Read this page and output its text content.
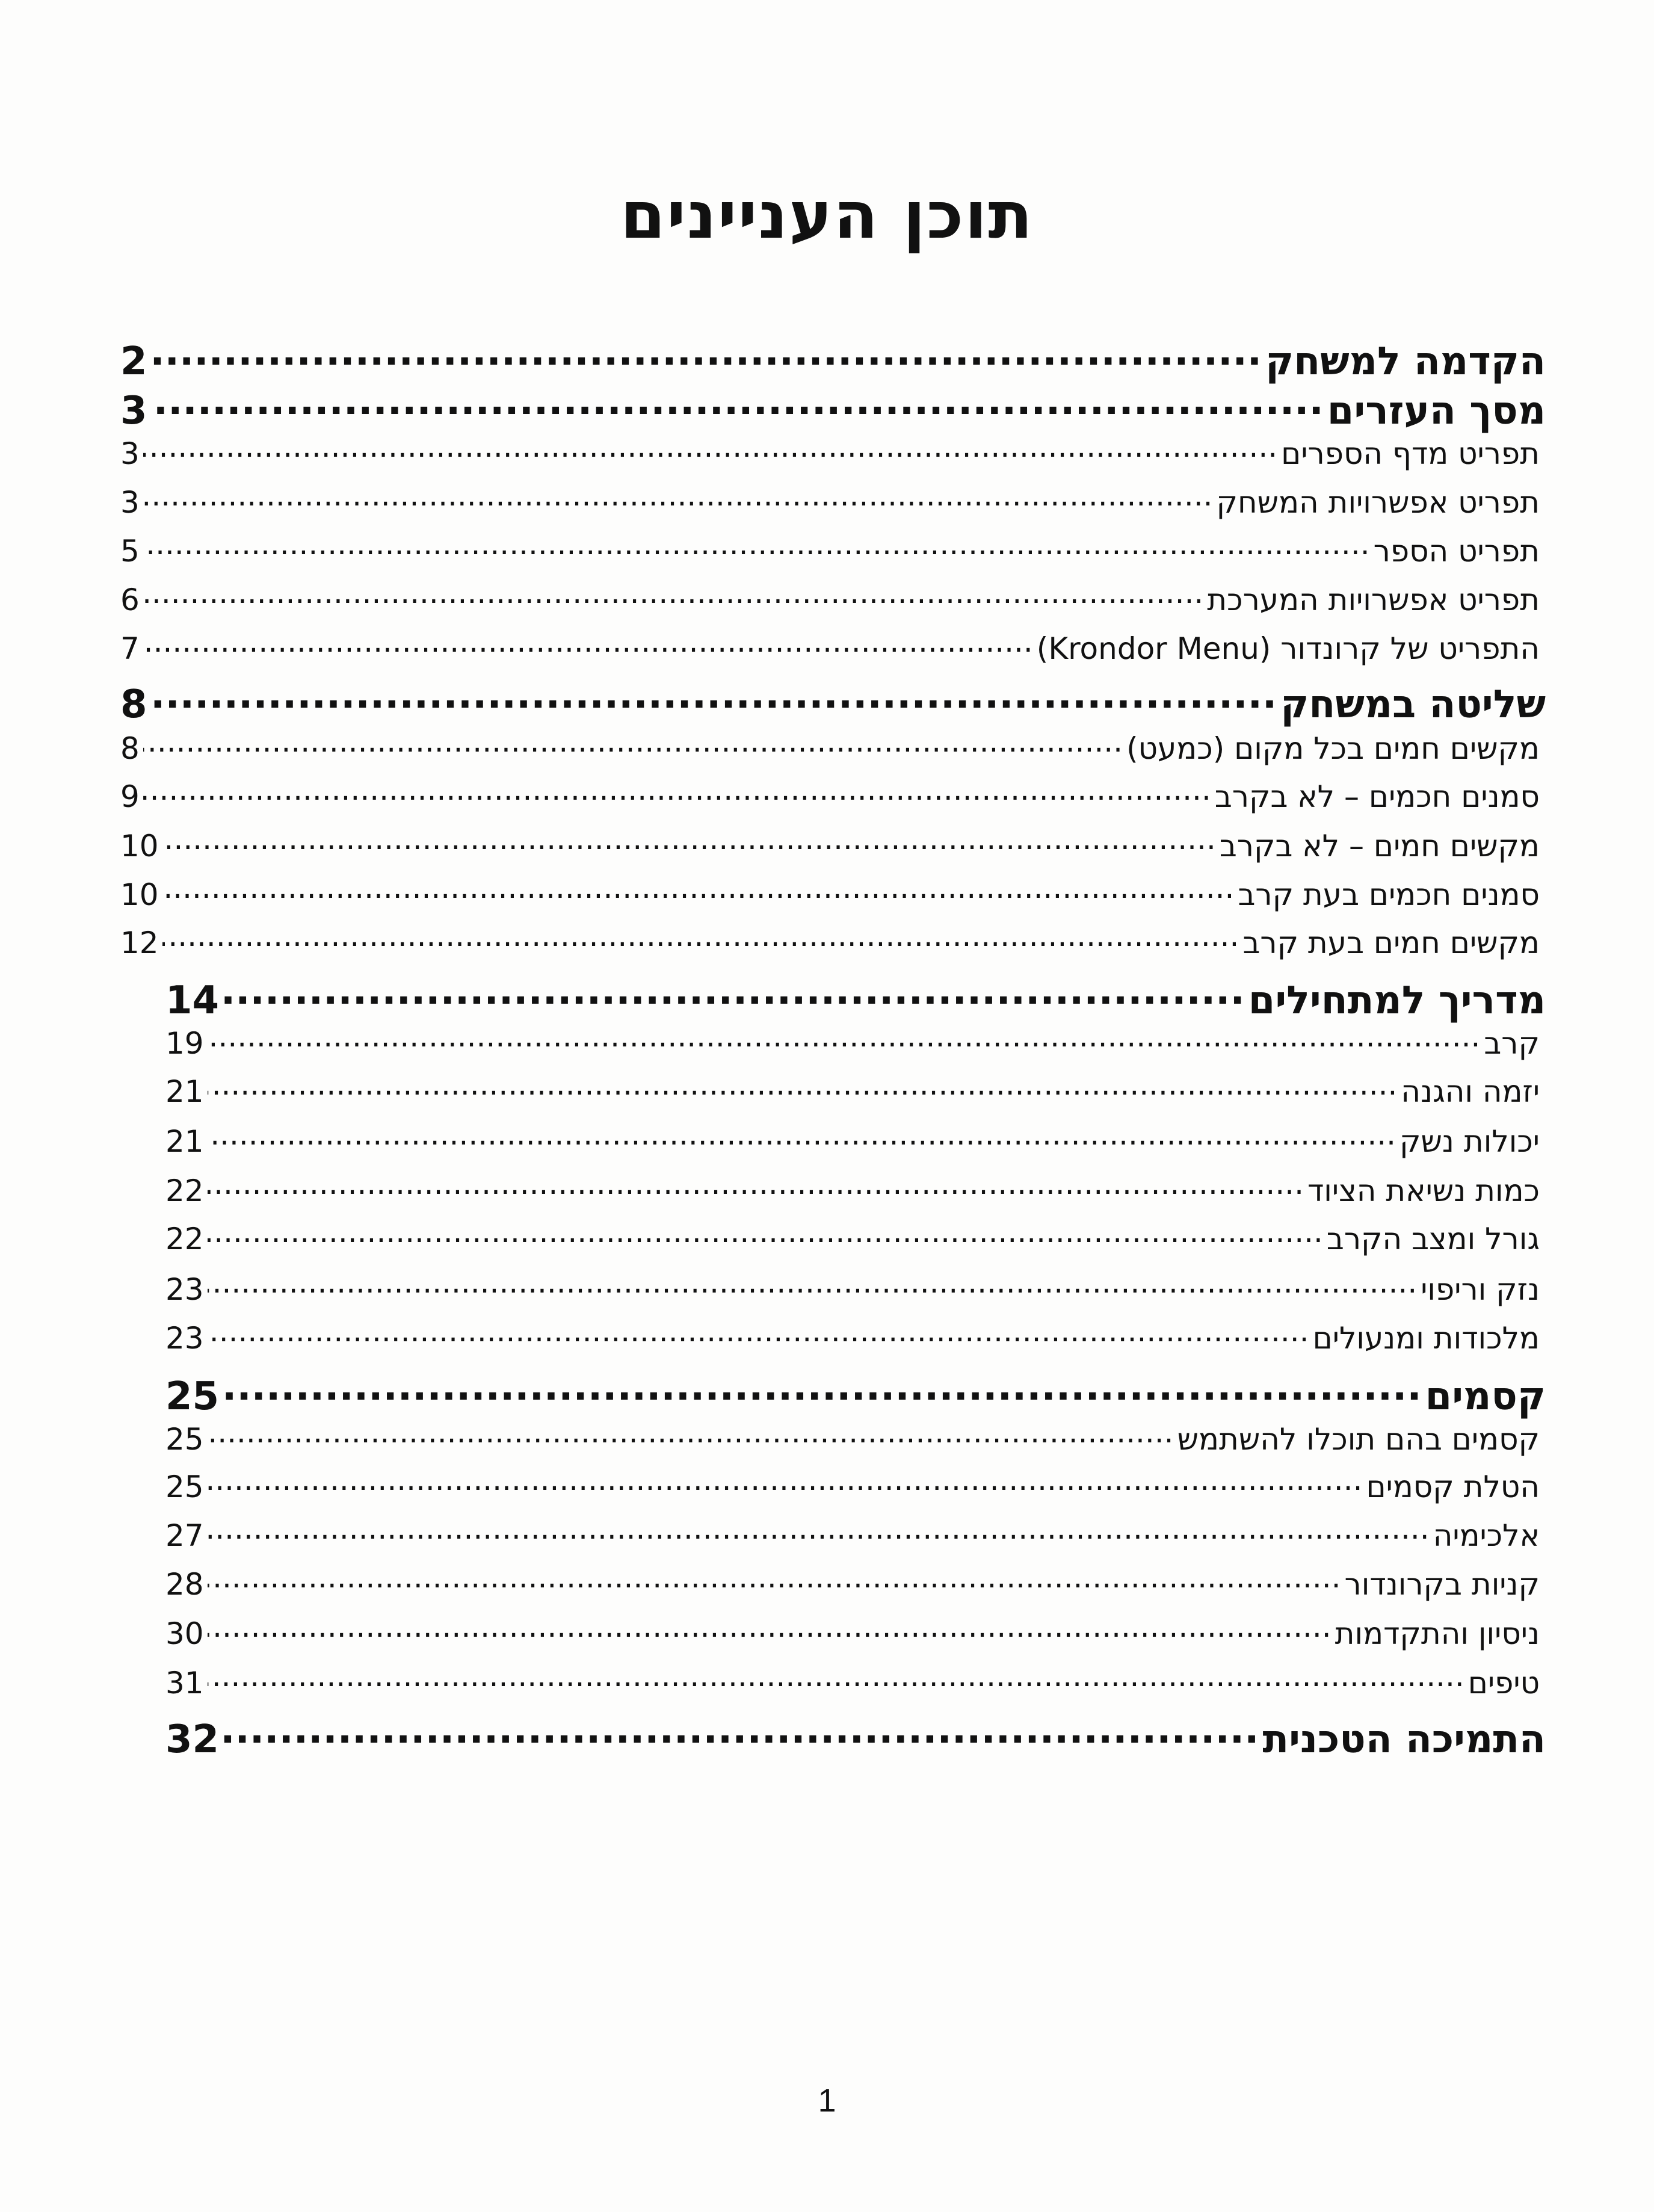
תוכן העניינים
הקדמה למשחק
.....
2
מסך העזרים
.....
3
תפריט מדף הספרים
.....
3
תפריט אפשרויות המשחק
.....
3
תפריט הספר
.....
5
תפריט אפשרויות המערכת
.....
6
התפריט של קרונדור (Krondor Menu)
.....
7
שליטה במשחק
.....
8
מקשים חמים בכל מקום (כמעט)
.....
8
סמנים חכמים – לא בקרב
.....
9
מקשים חמים – לא בקרב
.....
10
סמנים חכמים בעת קרב
.....
10
מקשים חמים בעת קרב
.....
12
מדריך למתחילים
.....
14
קרב
.....
19
יזמה והגנה
.....
21
יכולות נשק
.....
21
כמות נשיאת הציוד
.....
22
גורל ומצב הקרב
.....
22
נזק וריפוי
.....
23
מלכודות ומנעולים
.....
23
קסמים
.....
25
קסמים בהם תוכלו להשתמש
.....
25
הטלת קסמים
.....
25
אלכימיה
.....
27
קניות בקרונדור
.....
28
ניסיון והתקדמות
.....
30
טיפים
.....
31
התמיכה הטכנית
.....
32
1
